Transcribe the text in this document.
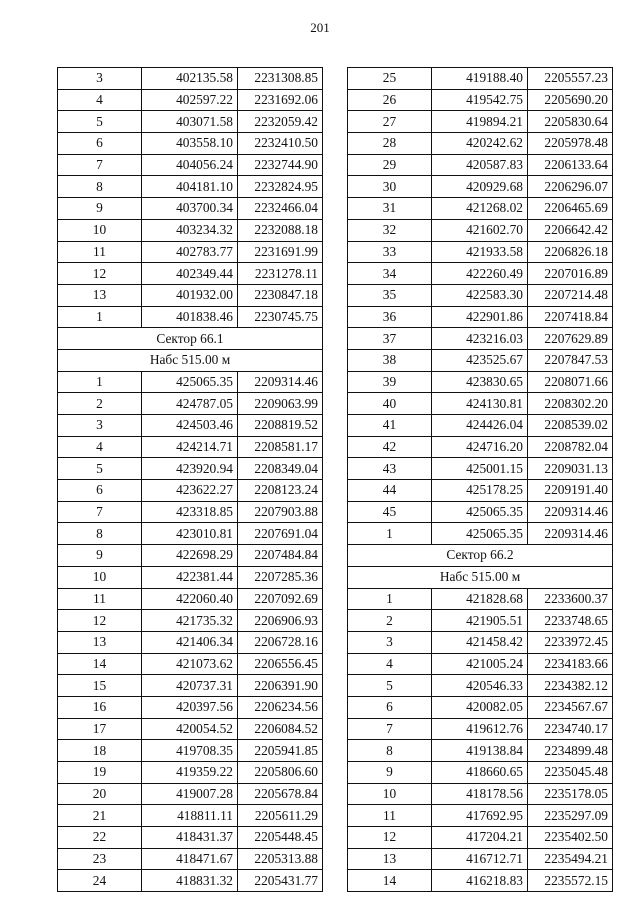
201
3	402135.58	2231308.85
4	402597.22	2231692.06
5	403071.58	2232059.42
6	403558.10	2232410.50
7	404056.24	2232744.90
8	404181.10	2232824.95
9	403700.34	2232466.04
10	403234.32	2232088.18
11	402783.77	2231691.99
12	402349.44	2231278.11
13	401932.00	2230847.18
1	401838.46	2230745.75
Сектор 66.1		
Набс 515.00 м		
1	425065.35	2209314.46
2	424787.05	2209063.99
3	424503.46	2208819.52
4	424214.71	2208581.17
5	423920.94	2208349.04
6	423622.27	2208123.24
7	423318.85	2207903.88
8	423010.81	2207691.04
9	422698.29	2207484.84
10	422381.44	2207285.36
11	422060.40	2207092.69
12	421735.32	2206906.93
13	421406.34	2206728.16
14	421073.62	2206556.45
15	420737.31	2206391.90
16	420397.56	2206234.56
17	420054.52	2206084.52
18	419708.35	2205941.85
19	419359.22	2205806.60
20	419007.28	2205678.84
21	418811.11	2205611.29
22	418431.37	2205448.45
23	418471.67	2205313.88
24	418831.32	2205431.77
25	419188.40	2205557.23
26	419542.75	2205690.20
27	419894.21	2205830.64
28	420242.62	2205978.48
29	420587.83	2206133.64
30	420929.68	2206296.07
31	421268.02	2206465.69
32	421602.70	2206642.42
33	421933.58	2206826.18
34	422260.49	2207016.89
35	422583.30	2207214.48
36	422901.86	2207418.84
37	423216.03	2207629.89
38	423525.67	2207847.53
39	423830.65	2208071.66
40	424130.81	2208302.20
41	424426.04	2208539.02
42	424716.20	2208782.04
43	425001.15	2209031.13
44	425178.25	2209191.40
45	425065.35	2209314.46
1	425065.35	2209314.46
Сектор 66.2		
Набс 515.00 м		
1	421828.68	2233600.37
2	421905.51	2233748.65
3	421458.42	2233972.45
4	421005.24	2234183.66
5	420546.33	2234382.12
6	420082.05	2234567.67
7	419612.76	2234740.17
8	419138.84	2234899.48
9	418660.65	2235045.48
10	418178.56	2235178.05
11	417692.95	2235297.09
12	417204.21	2235402.50
13	416712.71	2235494.21
14	416218.83	2235572.15
